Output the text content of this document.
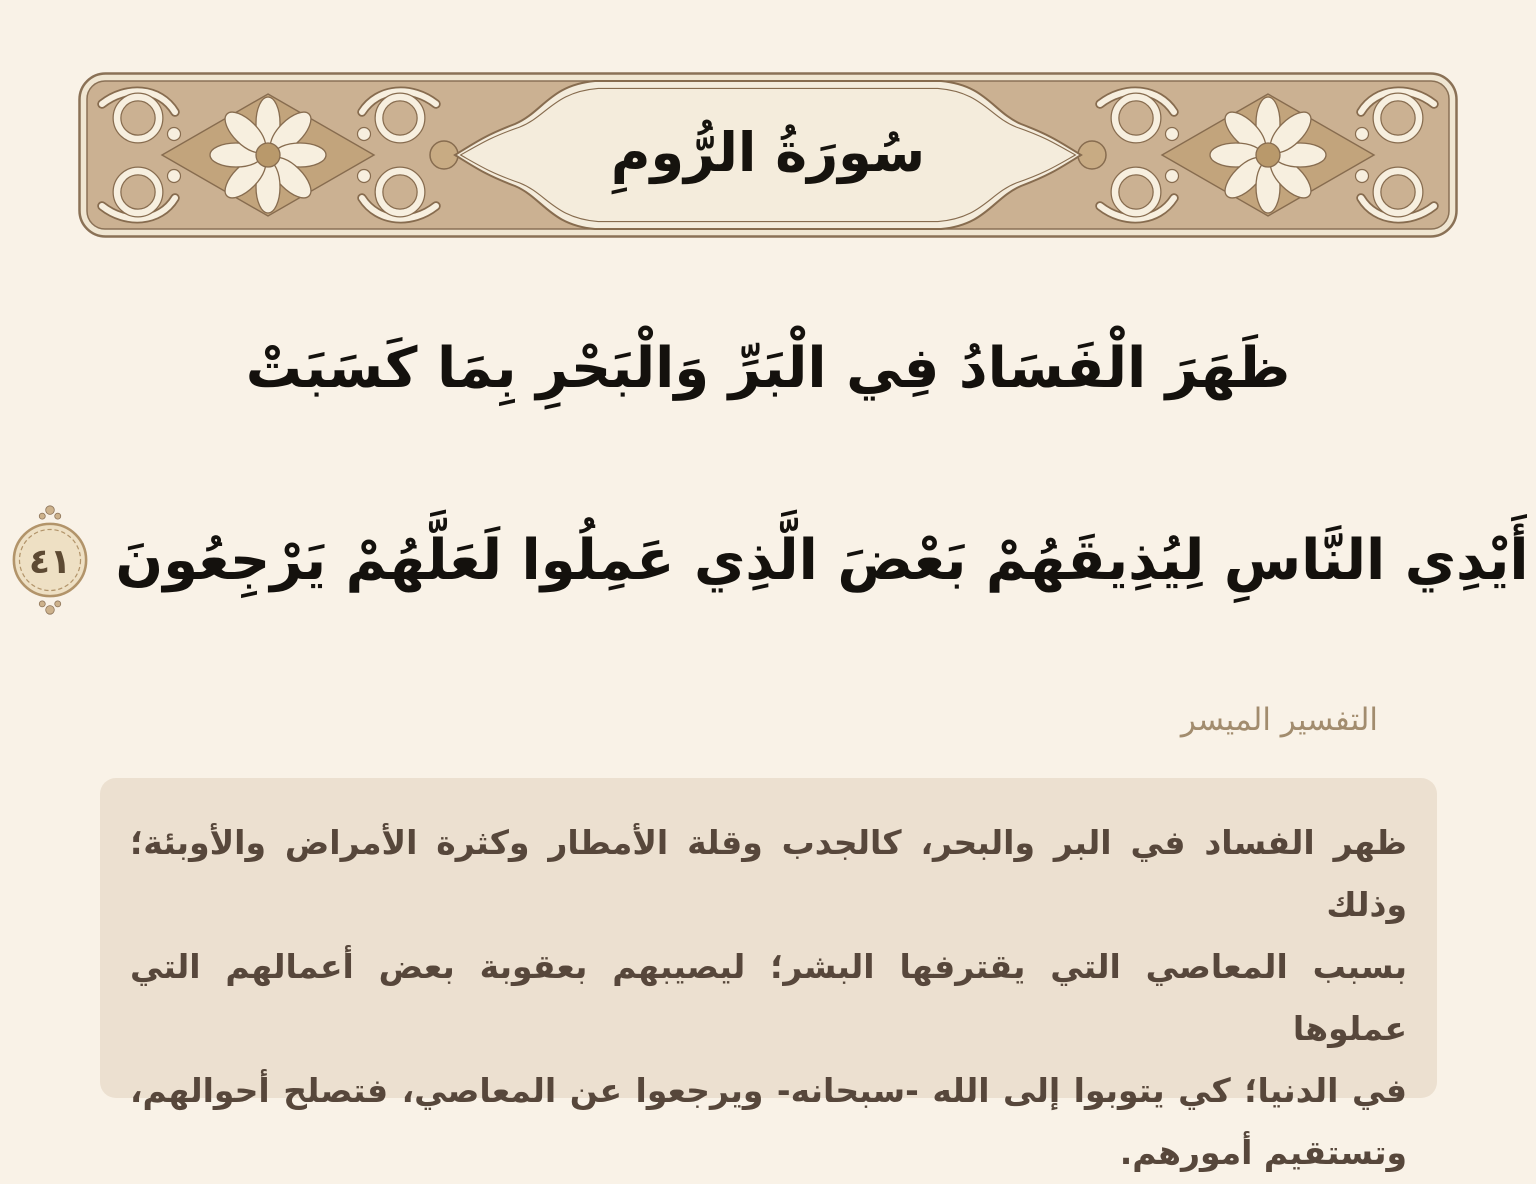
سُورَةُ الرُّومِ
ظَهَرَ الْفَسَادُ فِي الْبَرِّ وَالْبَحْرِ بِمَا كَسَبَتْ
أَيْدِي النَّاسِ لِيُذِيقَهُمْ بَعْضَ الَّذِي عَمِلُوا لَعَلَّهُمْ يَرْجِعُونَ
٤١
التفسير الميسر
ظهر الفساد في البر والبحر، كالجدب وقلة الأمطار وكثرة الأمراض والأوبئة؛ وذلك
بسبب المعاصي التي يقترفها البشر؛ ليصيبهم بعقوبة بعض أعمالهم التي عملوها
في الدنيا؛ كي يتوبوا إلى الله -سبحانه- ويرجعوا عن المعاصي، فتصلح أحوالهم،
وتستقيم أمورهم.
